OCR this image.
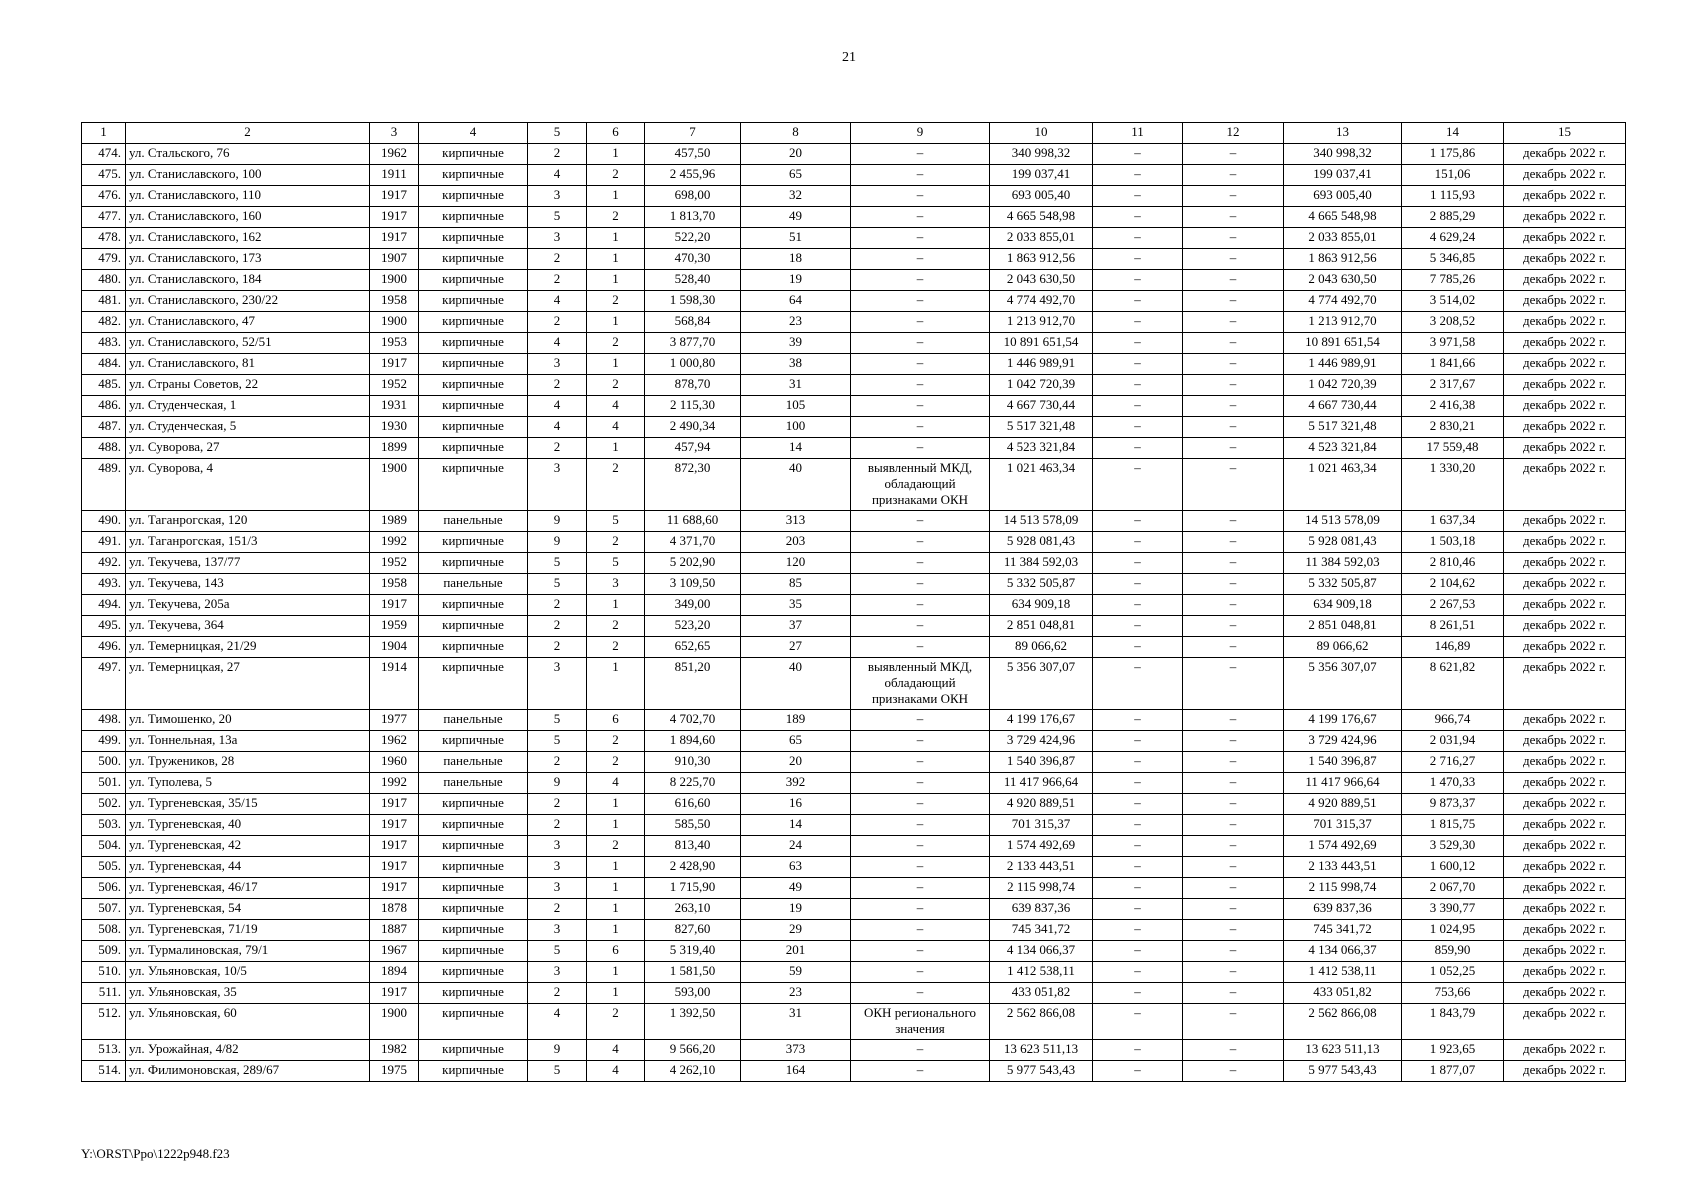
21
1	2	3	4	5	6	7	8	9	10	11	12	13	14	15
474.	ул. Стальского, 76	1962	кирпичные	2	1	457,50	20	–	340 998,32	–	–	340 998,32	1 175,86	декабрь 2022 г.
475.	ул. Станиславского, 100	1911	кирпичные	4	2	2 455,96	65	–	199 037,41	–	–	199 037,41	151,06	декабрь 2022 г.
476.	ул. Станиславского, 110	1917	кирпичные	3	1	698,00	32	–	693 005,40	–	–	693 005,40	1 115,93	декабрь 2022 г.
477.	ул. Станиславского, 160	1917	кирпичные	5	2	1 813,70	49	–	4 665 548,98	–	–	4 665 548,98	2 885,29	декабрь 2022 г.
478.	ул. Станиславского, 162	1917	кирпичные	3	1	522,20	51	–	2 033 855,01	–	–	2 033 855,01	4 629,24	декабрь 2022 г.
479.	ул. Станиславского, 173	1907	кирпичные	2	1	470,30	18	–	1 863 912,56	–	–	1 863 912,56	5 346,85	декабрь 2022 г.
480.	ул. Станиславского, 184	1900	кирпичные	2	1	528,40	19	–	2 043 630,50	–	–	2 043 630,50	7 785,26	декабрь 2022 г.
481.	ул. Станиславского, 230/22	1958	кирпичные	4	2	1 598,30	64	–	4 774 492,70	–	–	4 774 492,70	3 514,02	декабрь 2022 г.
482.	ул. Станиславского, 47	1900	кирпичные	2	1	568,84	23	–	1 213 912,70	–	–	1 213 912,70	3 208,52	декабрь 2022 г.
483.	ул. Станиславского, 52/51	1953	кирпичные	4	2	3 877,70	39	–	10 891 651,54	–	–	10 891 651,54	3 971,58	декабрь 2022 г.
484.	ул. Станиславского, 81	1917	кирпичные	3	1	1 000,80	38	–	1 446 989,91	–	–	1 446 989,91	1 841,66	декабрь 2022 г.
485.	ул. Страны Советов, 22	1952	кирпичные	2	2	878,70	31	–	1 042 720,39	–	–	1 042 720,39	2 317,67	декабрь 2022 г.
486.	ул. Студенческая, 1	1931	кирпичные	4	4	2 115,30	105	–	4 667 730,44	–	–	4 667 730,44	2 416,38	декабрь 2022 г.
487.	ул. Студенческая, 5	1930	кирпичные	4	4	2 490,34	100	–	5 517 321,48	–	–	5 517 321,48	2 830,21	декабрь 2022 г.
488.	ул. Суворова, 27	1899	кирпичные	2	1	457,94	14	–	4 523 321,84	–	–	4 523 321,84	17 559,48	декабрь 2022 г.
489.	ул. Суворова, 4	1900	кирпичные	3	2	872,30	40	выявленный МКД, обладающий признаками ОКН	1 021 463,34	–	–	1 021 463,34	1 330,20	декабрь 2022 г.
490.	ул. Таганрогская, 120	1989	панельные	9	5	11 688,60	313	–	14 513 578,09	–	–	14 513 578,09	1 637,34	декабрь 2022 г.
491.	ул. Таганрогская, 151/3	1992	кирпичные	9	2	4 371,70	203	–	5 928 081,43	–	–	5 928 081,43	1 503,18	декабрь 2022 г.
492.	ул. Текучева, 137/77	1952	кирпичные	5	5	5 202,90	120	–	11 384 592,03	–	–	11 384 592,03	2 810,46	декабрь 2022 г.
493.	ул. Текучева, 143	1958	панельные	5	3	3 109,50	85	–	5 332 505,87	–	–	5 332 505,87	2 104,62	декабрь 2022 г.
494.	ул. Текучева, 205а	1917	кирпичные	2	1	349,00	35	–	634 909,18	–	–	634 909,18	2 267,53	декабрь 2022 г.
495.	ул. Текучева, 364	1959	кирпичные	2	2	523,20	37	–	2 851 048,81	–	–	2 851 048,81	8 261,51	декабрь 2022 г.
496.	ул. Темерницкая, 21/29	1904	кирпичные	2	2	652,65	27	–	89 066,62	–	–	89 066,62	146,89	декабрь 2022 г.
497.	ул. Темерницкая, 27	1914	кирпичные	3	1	851,20	40	выявленный МКД, обладающий признаками ОКН	5 356 307,07	–	–	5 356 307,07	8 621,82	декабрь 2022 г.
498.	ул. Тимошенко, 20	1977	панельные	5	6	4 702,70	189	–	4 199 176,67	–	–	4 199 176,67	966,74	декабрь 2022 г.
499.	ул. Тоннельная, 13а	1962	кирпичные	5	2	1 894,60	65	–	3 729 424,96	–	–	3 729 424,96	2 031,94	декабрь 2022 г.
500.	ул. Тружеников, 28	1960	панельные	2	2	910,30	20	–	1 540 396,87	–	–	1 540 396,87	2 716,27	декабрь 2022 г.
501.	ул. Туполева, 5	1992	панельные	9	4	8 225,70	392	–	11 417 966,64	–	–	11 417 966,64	1 470,33	декабрь 2022 г.
502.	ул. Тургеневская, 35/15	1917	кирпичные	2	1	616,60	16	–	4 920 889,51	–	–	4 920 889,51	9 873,37	декабрь 2022 г.
503.	ул. Тургеневская, 40	1917	кирпичные	2	1	585,50	14	–	701 315,37	–	–	701 315,37	1 815,75	декабрь 2022 г.
504.	ул. Тургеневская, 42	1917	кирпичные	3	2	813,40	24	–	1 574 492,69	–	–	1 574 492,69	3 529,30	декабрь 2022 г.
505.	ул. Тургеневская, 44	1917	кирпичные	3	1	2 428,90	63	–	2 133 443,51	–	–	2 133 443,51	1 600,12	декабрь 2022 г.
506.	ул. Тургеневская, 46/17	1917	кирпичные	3	1	1 715,90	49	–	2 115 998,74	–	–	2 115 998,74	2 067,70	декабрь 2022 г.
507.	ул. Тургеневская, 54	1878	кирпичные	2	1	263,10	19	–	639 837,36	–	–	639 837,36	3 390,77	декабрь 2022 г.
508.	ул. Тургеневская, 71/19	1887	кирпичные	3	1	827,60	29	–	745 341,72	–	–	745 341,72	1 024,95	декабрь 2022 г.
509.	ул. Турмалиновская, 79/1	1967	кирпичные	5	6	5 319,40	201	–	4 134 066,37	–	–	4 134 066,37	859,90	декабрь 2022 г.
510.	ул. Ульяновская, 10/5	1894	кирпичные	3	1	1 581,50	59	–	1 412 538,11	–	–	1 412 538,11	1 052,25	декабрь 2022 г.
511.	ул. Ульяновская, 35	1917	кирпичные	2	1	593,00	23	–	433 051,82	–	–	433 051,82	753,66	декабрь 2022 г.
512.	ул. Ульяновская, 60	1900	кирпичные	4	2	1 392,50	31	ОКН регионального значения	2 562 866,08	–	–	2 562 866,08	1 843,79	декабрь 2022 г.
513.	ул. Урожайная, 4/82	1982	кирпичные	9	4	9 566,20	373	–	13 623 511,13	–	–	13 623 511,13	1 923,65	декабрь 2022 г.
514.	ул. Филимоновская, 289/67	1975	кирпичные	5	4	4 262,10	164	–	5 977 543,43	–	–	5 977 543,43	1 877,07	декабрь 2022 г.
Y:\ORST\Ppo\1222p948.f23
